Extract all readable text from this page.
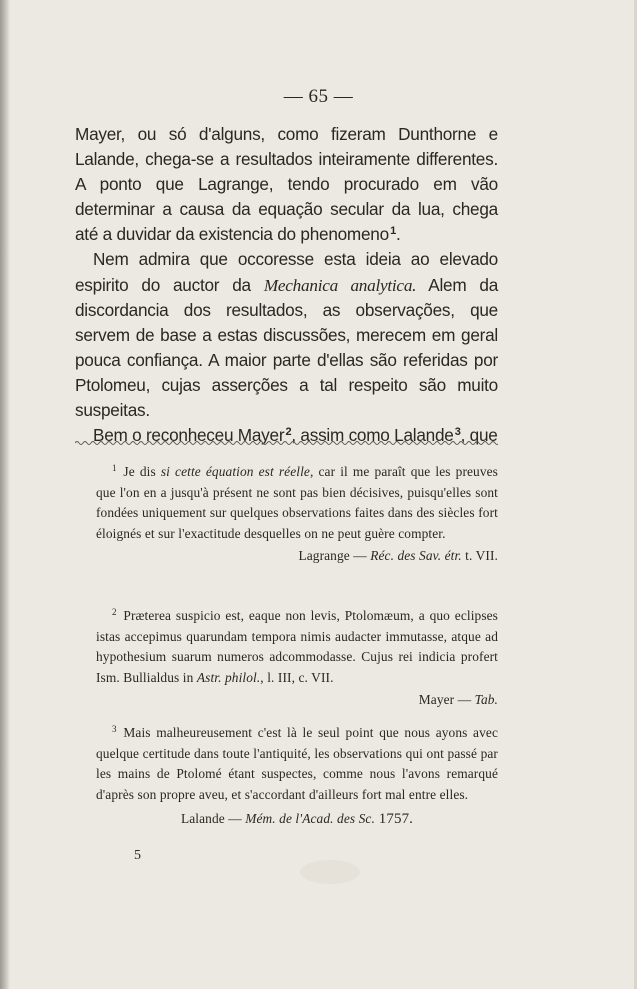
— 65 —

Mayer, ou só d'alguns, como fizeram Dunthorne e Lalande, chega-se a resultados inteiramente differentes. A ponto que Lagrange, tendo procurado em vão determinar a causa da equação secular da lua, chega até a duvidar da existencia do phenomeno $^1$.

Nem admira que occoresse esta ideia ao elevado espirito do auctor da Mechanica analytica. Alem da discordancia dos resultados, as observações, que servem de base a estas discussões, merecem em geral pouca confiança. A maior parte d'ellas são referidas por Ptolomeu, cujas asserções a tal respeito são muito suspeitas.

Bem o reconheceu Mayer $^2$, assim como Lalande $^3$, que

$^1$  Je dis si cette équation est réelle, car il me paraît que les preuves que l'on en a jusqu'à présent ne sont pas bien décisives, puisqu'elles sont fondées uniquement sur quelques observations faites dans des siècles fort éloignés et sur l'exactitude desquelles on ne peut guère compter.
Lagrange — Réc. des Sav. étr. t. VII.

$^2$  Præterea suspicio est, eaque non levis, Ptolomæum, a quo eclipses istas accepimus quarundam tempora nimis audacter immutasse, atque ad hypothesium suarum numeros adcommodasse. Cujus rei indicia profert Ism. Bullialdus in Astr. philol., l. III, c. VII.
Mayer — Tab.

$^3$  Mais malheureusement c'est là le seul point que nous ayons avec quelque certitude dans toute l'antiquité, les observations qui ont passé par les mains de Ptolomé étant suspectes, comme nous l'avons remarqué d'après son propre aveu, et s'accordant d'ailleurs fort mal entre elles.
Lalande — Mém. de l'Acad. des Sc. 1757.

5
